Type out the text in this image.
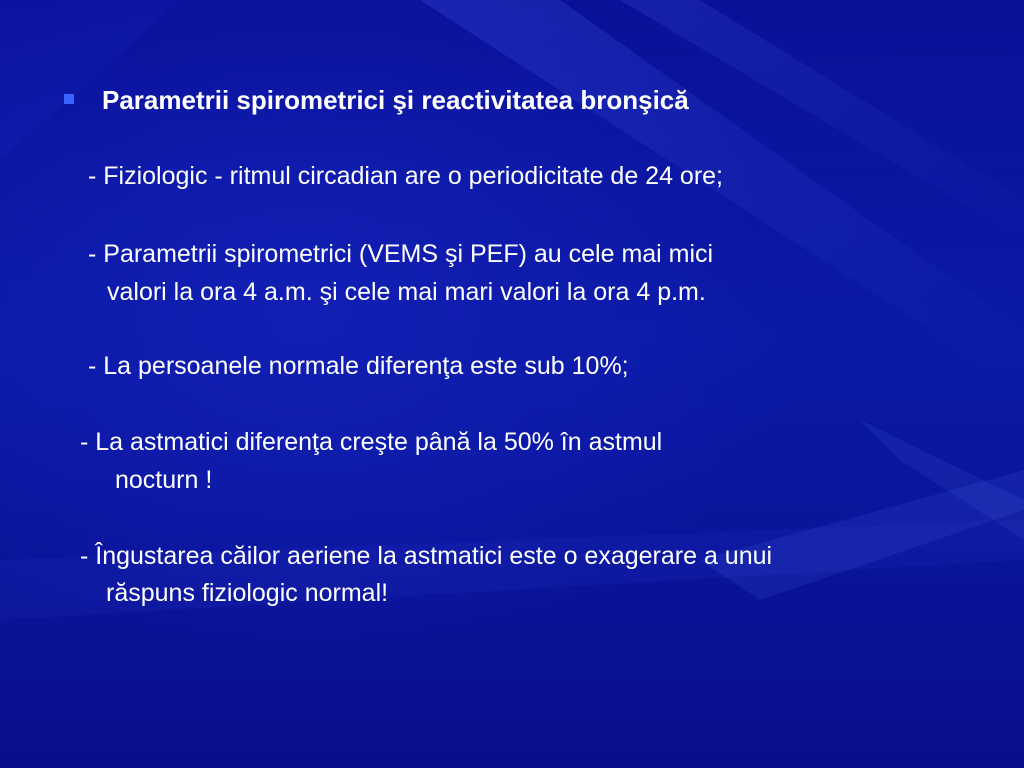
Parametrii spirometrici şi reactivitatea bronşică
- Fiziologic - ritmul circadian are o periodicitate de 24 ore;
- Parametrii spirometrici (VEMS şi PEF) au cele mai mici
valori la ora 4 a.m. şi cele mai mari valori la ora 4 p.m.
- La persoanele normale diferenţa este sub 10%;
- La astmatici diferenţa creşte până la 50% în astmul
nocturn !
- Îngustarea căilor aeriene la astmatici este o exagerare a unui
răspuns fiziologic normal!
